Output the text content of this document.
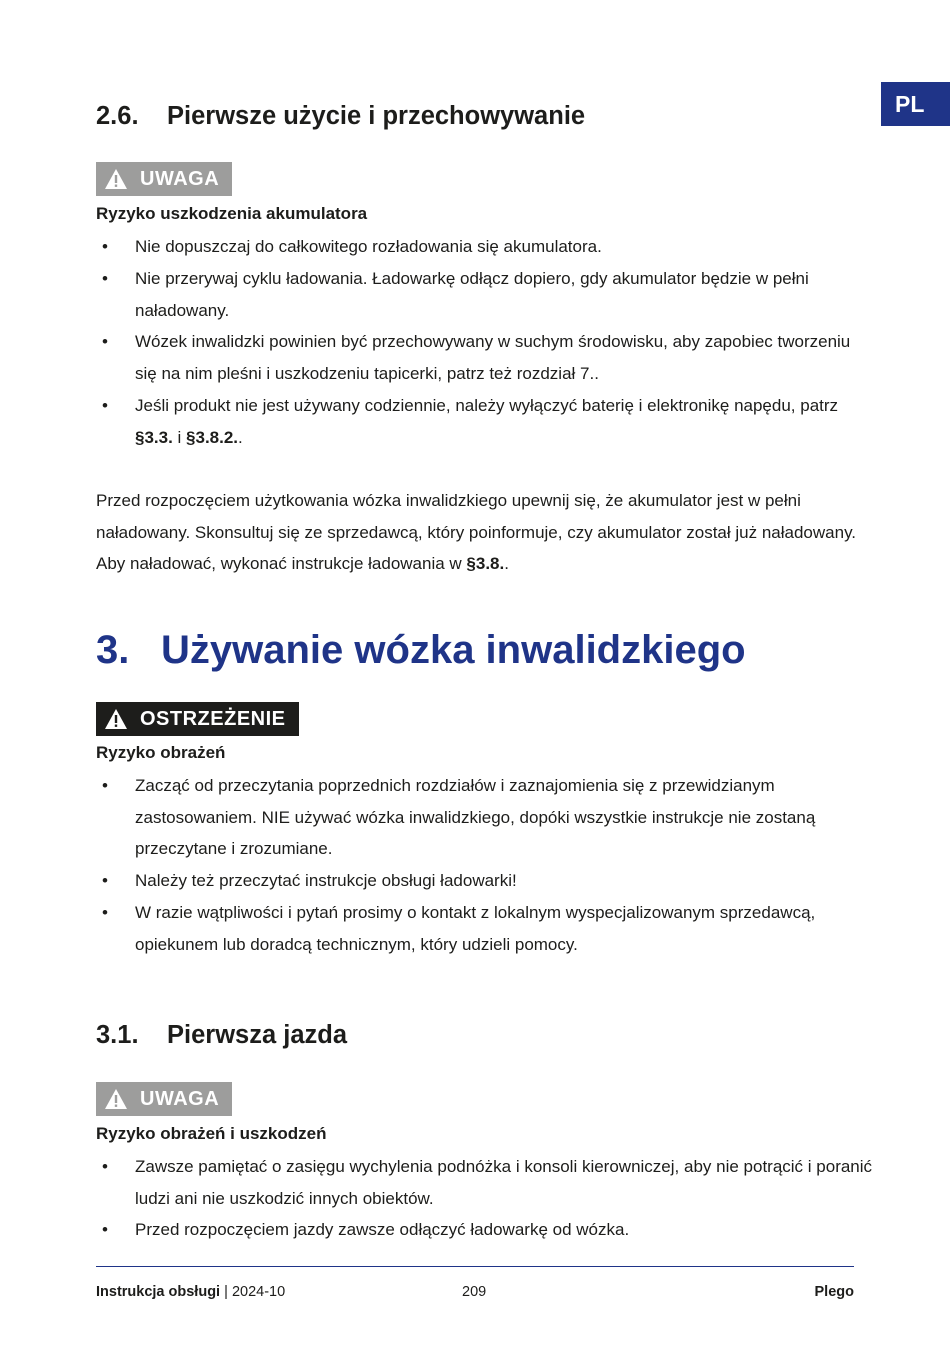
PL
2.6. Pierwsze użycie i przechowywanie
UWAGA
Ryzyko uszkodzenia akumulatora
• Nie dopuszczaj do całkowitego rozładowania się akumulatora.
• Nie przerywaj cyklu ładowania. Ładowarkę odłącz dopiero, gdy akumulator będzie w pełni naładowany.
• Wózek inwalidzki powinien być przechowywany w suchym środowisku, aby zapobiec tworzeniu się na nim pleśni i uszkodzeniu tapicerki, patrz też rozdział 7..
• Jeśli produkt nie jest używany codziennie, należy wyłączyć baterię i elektronikę napędu, patrz §3.3. i §3.8.2..
Przed rozpoczęciem użytkowania wózka inwalidzkiego upewnij się, że akumulator jest w pełni naładowany. Skonsultuj się ze sprzedawcą, który poinformuje, czy akumulator został już naładowany. Aby naładować, wykonać instrukcje ładowania w §3.8..
3. Używanie wózka inwalidzkiego
OSTRZEŻENIE
Ryzyko obrażeń
• Zacząć od przeczytania poprzednich rozdziałów i zaznajomienia się z przewidzianym zastosowaniem. NIE używać wózka inwalidzkiego, dopóki wszystkie instrukcje nie zostaną przeczytane i zrozumiane.
• Należy też przeczytać instrukcje obsługi ładowarki!
• W razie wątpliwości i pytań prosimy o kontakt z lokalnym wyspecjalizowanym sprzedawcą, opiekunem lub doradcą technicznym, który udzieli pomocy.
3.1. Pierwsza jazda
UWAGA
Ryzyko obrażeń i uszkodzeń
• Zawsze pamiętać o zasięgu wychylenia podnóżka i konsoli kierowniczej, aby nie potrącić i poranić ludzi ani nie uszkodzić innych obiektów.
• Przed rozpoczęciem jazdy zawsze odłączyć ładowarkę od wózka.
Instrukcja obsługi | 2024-10	209	Plego
